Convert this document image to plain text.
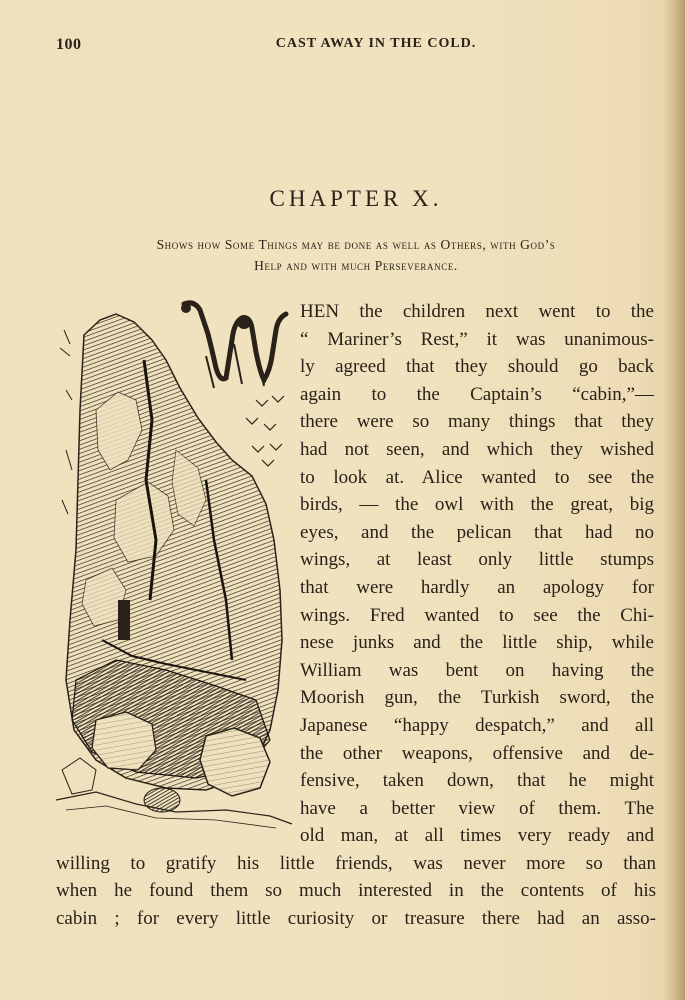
100	CAST AWAY IN THE COLD.
CHAPTER X.
Shows how Some Things may be done as well as Others, with God’s
Help and with much Perseverance.
HEN the children next went to the
“ Mariner’s Rest,” it was unanimous-
ly agreed that they should go back
again to the Captain’s “cabin,”—
there were so many things that they
had not seen, and which they wished
to look at. Alice wanted to see the
birds, — the owl with the great, big
eyes, and the pelican that had no
wings, at least only little stumps
that were hardly an apology for
wings. Fred wanted to see the Chi-
nese junks and the little ship, while
William was bent on having the
Moorish gun, the Turkish sword, the
Japanese “happy despatch,” and all
the other weapons, offensive and de-
fensive, taken down, that he might
have a better view of them. The
old man, at all times very ready and
willing to gratify his little friends, was never more so than
when he found them so much interested in the contents of his
cabin ; for every little curiosity or treasure there had an asso-
